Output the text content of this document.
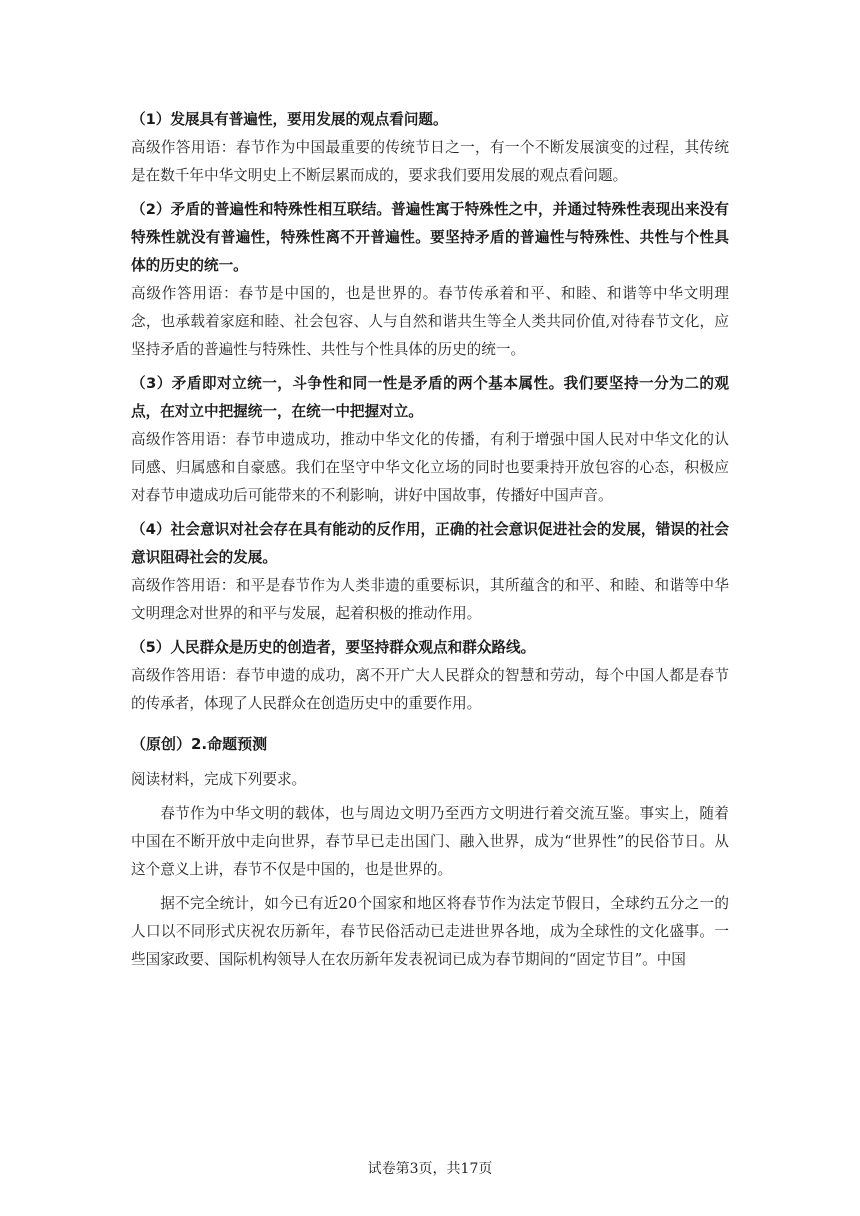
（1）发展具有普遍性，要用发展的观点看问题。

高级作答用语：春节作为中国最重要的传统节日之一，有一个不断发展演变的过程，其传统是在数千年中华文明史上不断层累而成的，要求我们要用发展的观点看问题。

（2）矛盾的普遍性和特殊性相互联结。普遍性寓于特殊性之中，并通过特殊性表现出来没有特殊性就没有普遍性，特殊性离不开普遍性。要坚持矛盾的普遍性与特殊性、共性与个性具体的历史的统一。

高级作答用语：春节是中国的，也是世界的。春节传承着和平、和睦、和谐等中华文明理念，也承载着家庭和睦、社会包容、人与自然和谐共生等全人类共同价值,对待春节文化，应坚持矛盾的普遍性与特殊性、共性与个性具体的历史的统一。

（3）矛盾即对立统一，斗争性和同一性是矛盾的两个基本属性。我们要坚持一分为二的观点，在对立中把握统一，在统一中把握对立。

高级作答用语：春节申遗成功，推动中华文化的传播，有利于增强中国人民对中华文化的认同感、归属感和自豪感。我们在坚守中华文化立场的同时也要秉持开放包容的心态，积极应对春节申遗成功后可能带来的不利影响，讲好中国故事，传播好中国声音。

（4）社会意识对社会存在具有能动的反作用，正确的社会意识促进社会的发展，错误的社会意识阻碍社会的发展。

高级作答用语：和平是春节作为人类非遗的重要标识，其所蕴含的和平、和睦、和谐等中华文明理念对世界的和平与发展，起着积极的推动作用。

（5）人民群众是历史的创造者，要坚持群众观点和群众路线。

高级作答用语：春节申遗的成功，离不开广大人民群众的智慧和劳动，每个中国人都是春节的传承者，体现了人民群众在创造历史中的重要作用。

（原创）2.命题预测

阅读材料，完成下列要求。

春节作为中华文明的载体，也与周边文明乃至西方文明进行着交流互鉴。事实上，随着中国在不断开放中走向世界，春节早已走出国门、融入世界，成为“世界性”的民俗节日。从这个意义上讲，春节不仅是中国的，也是世界的。

据不完全统计，如今已有近20个国家和地区将春节作为法定节假日，全球约五分之一的人口以不同形式庆祝农历新年，春节民俗活动已走进世界各地，成为全球性的文化盛事。一些国家政要、国际机构领导人在农历新年发表祝词已成为春节期间的“固定节目”。中国

试卷第3页，共17页
